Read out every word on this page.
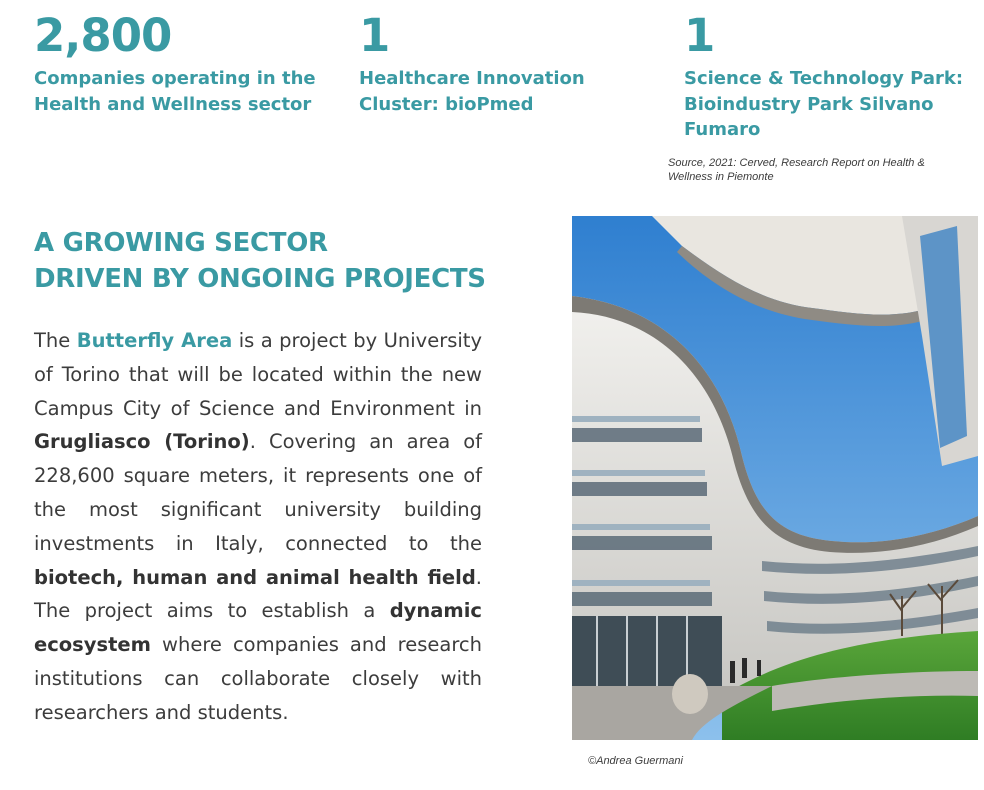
2,800
Companies operating in the Health and Wellness sector
1
Healthcare Innovation Cluster: bioPmed
1
Science & Technology Park: Bioindustry Park Silvano Fumaro
Source, 2021: Cerved, Research Report on Health & Wellness in Piemonte
A GROWING SECTOR
DRIVEN BY ONGOING PROJECTS
The Butterfly Area is a project by University of Torino that will be located within the new Campus City of Science and Environment in Grugliasco (Torino). Covering an area of 228,600 square meters, it represents one of the most significant university building investments in Italy, connected to the biotech, human and animal health field. The project aims to establish a dynamic ecosystem where companies and research institutions can collaborate closely with researchers and students.
©Andrea Guermani
